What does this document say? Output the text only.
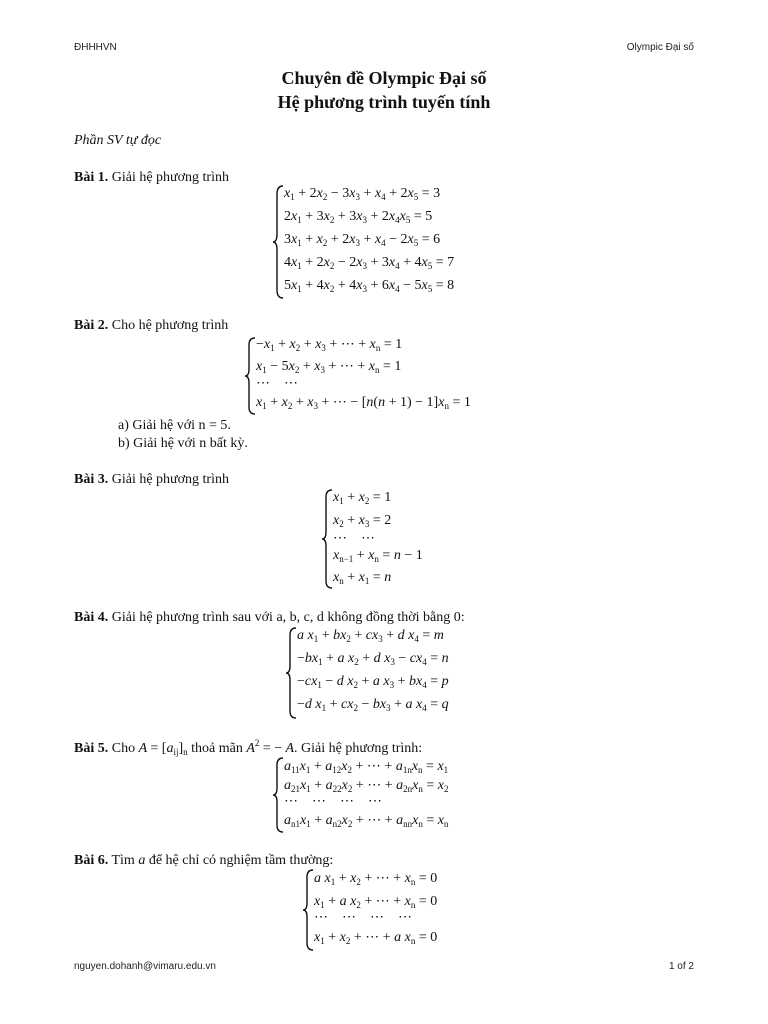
ĐHHHVN	Olympic Đại số
Chuyên đề Olympic Đại số
Hệ phương trình tuyến tính
Phần SV tự đọc
Bài 1. Giải hệ phương trình
$x_1 + 2x_2 - 3x_3 + x_4 + 2x_5 = 3$
$2x_1 + 3x_2 + 3x_3 + 2x_4x_5 = 5$
$3x_1 + x_2 + 2x_3 + x_4 - 2x_5 = 6$
$4x_1 + 2x_2 - 2x_3 + 3x_4 + 4x_5 = 7$
$5x_1 + 4x_2 + 4x_3 + 6x_4 - 5x_5 = 8$
Bài 2. Cho hệ phương trình
$-x_1 + x_2 + x_3$ + ⋯ + $x_n = 1$
$x_1 - 5x_2 + x_3$ + ⋯ + $x_n = 1$
⋯    ⋯
$x_1 + x_2 + x_3$ + ⋯ − $[n(n + 1) - 1]x_n = 1$
a) Giải hệ với n = 5.
b) Giải hệ với n bất kỳ.
Bài 3. Giải hệ phương trình
$x_1 + x_2 = 1$
$x_2 + x_3 = 2$
⋯    ⋯
$x_{n-1} + x_n = n - 1$
$x_n + x_1 = n$
Bài 4. Giải hệ phương trình sau với a, b, c, d không đồng thời bằng 0:
a $x_1 + bx_2 + cx_3 + d$ $x_4 = m$
$-bx_1 + a$ $x_2 + d$ $x_3 - cx_4 = n$
$-cx_1 - d$ $x_2 + a$ $x_3 + bx_4 = p$
−d $x_1 + cx_2 - bx_3 + a$ $x_4 = q$
Bài 5. Cho $A = [a_{ij}]_n$ thoả mãn $A^2$ = − A. Giải hệ phương trình:
$a_{11}x_1 + a_{12}x_2$ + ⋯ + $a_{1n}x_n = x_1$
$a_{21}x_1 + a_{22}x_2$ + ⋯ + $a_{2n}x_n = x_2$
⋯    ⋯    ⋯    ⋯
$a_{n1}x_1 + a_{n2}x_2$ + ⋯ + $a_{nn}x_n = x_n$
Bài 6. Tìm a để hệ chỉ có nghiệm tầm thường:
a $x_1 + x_2$ + ⋯ + $x_n = 0$
$x_1 + a$ $x_2$ + ⋯ + $x_n = 0$
⋯    ⋯    ⋯    ⋯
$x_1 + x_2$ + ⋯ + a $x_n = 0$
nguyen.dohanh@vimaru.edu.vn	1 of 2
